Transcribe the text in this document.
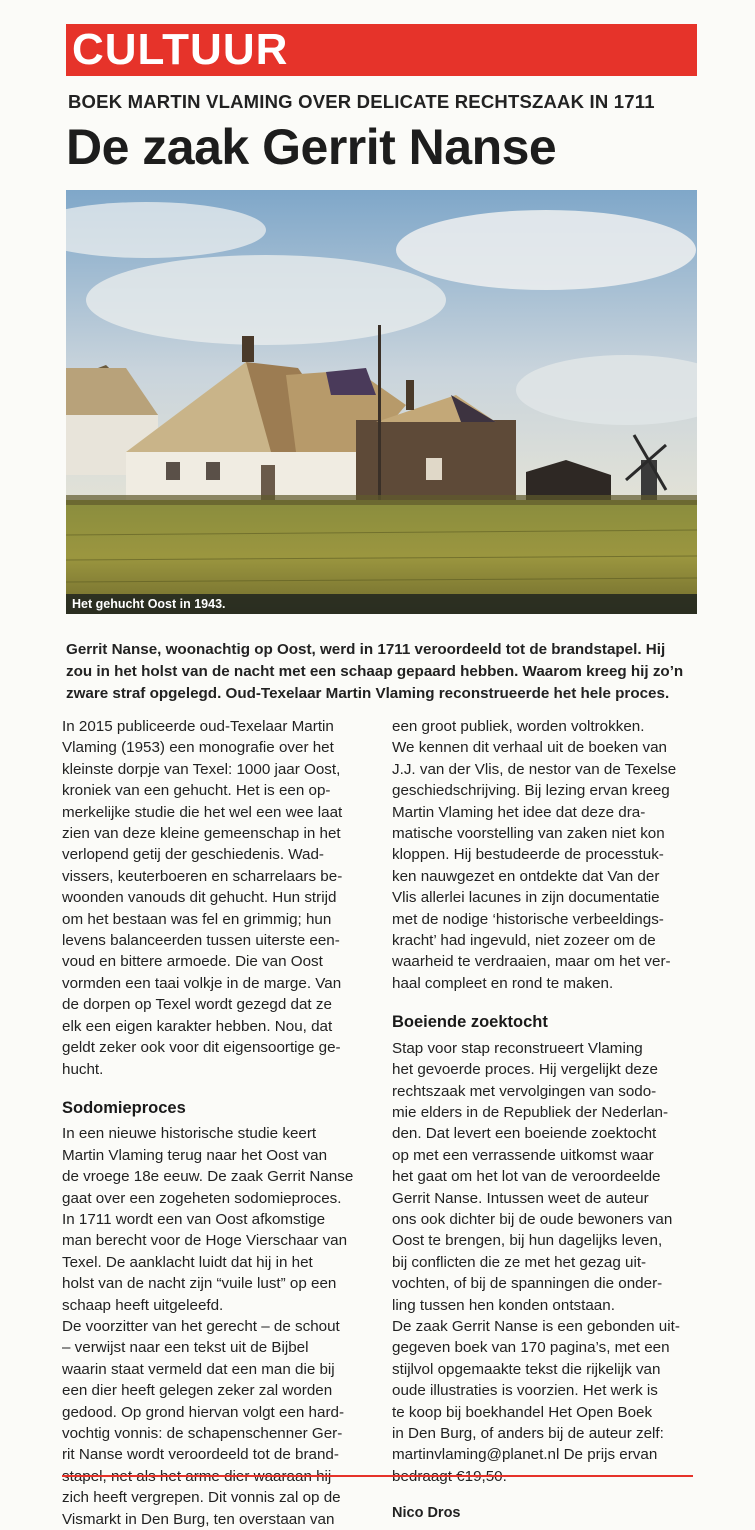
CULTUUR
BOEK MARTIN VLAMING OVER DELICATE RECHTSZAAK IN 1711
De zaak Gerrit Nanse
Het gehucht Oost in 1943.
Gerrit Nanse, woonachtig op Oost, werd in 1711 veroordeeld tot de brandstapel. Hij
zou in het holst van de nacht met een schaap gepaard hebben. Waarom kreeg hij zo’n
zware straf opgelegd. Oud-Texelaar Martin Vlaming reconstrueerde het hele proces.
In 2015 publiceerde oud-Texelaar Martin
Vlaming (1953) een monografie over het
kleinste dorpje van Texel: 1000 jaar Oost,
kroniek van een gehucht. Het is een op-
merkelijke studie die het wel een wee laat
zien van deze kleine gemeenschap in het
verlopend getij der geschiedenis. Wad-
vissers, keuterboeren en scharrelaars be-
woonden vanouds dit gehucht. Hun strijd
om het bestaan was fel en grimmig; hun
levens balanceerden tussen uiterste een-
voud en bittere armoede. Die van Oost
vormden een taai volkje in de marge. Van
de dorpen op Texel wordt gezegd dat ze
elk een eigen karakter hebben. Nou, dat
geldt zeker ook voor dit eigensoortige ge-
hucht.
Sodomieproces
In een nieuwe historische studie keert
Martin Vlaming terug naar het Oost van
de vroege 18e eeuw. De zaak Gerrit Nanse
gaat over een zogeheten sodomieproces.
In 1711 wordt een van Oost afkomstige
man berecht voor de Hoge Vierschaar van
Texel. De aanklacht luidt dat hij in het
holst van de nacht zijn “vuile lust” op een
schaap heeft uitgeleefd.
De voorzitter van het gerecht – de schout
– verwijst naar een tekst uit de Bijbel
waarin staat vermeld dat een man die bij
een dier heeft gelegen zeker zal worden
gedood. Op grond hiervan volgt een hard-
vochtig vonnis: de schapenschenner Ger-
rit Nanse wordt veroordeeld tot de brand-
zich heeft vergrepen. Dit vonnis zal op de
Vismarkt in Den Burg, ten overstaan van
een groot publiek, worden voltrokken.
We kennen dit verhaal uit de boeken van
J.J. van der Vlis, de nestor van de Texelse
geschiedschrijving. Bij lezing ervan kreeg
Martin Vlaming het idee dat deze dra-
matische voorstelling van zaken niet kon
kloppen. Hij bestudeerde de processtuk-
ken nauwgezet en ontdekte dat Van der
Vlis allerlei lacunes in zijn documentatie
met de nodige ‘historische verbeeldings-
kracht’ had ingevuld, niet zozeer om de
waarheid te verdraaien, maar om het ver-
haal compleet en rond te maken.
Boeiende zoektocht
Stap voor stap reconstrueert Vlaming
het gevoerde proces. Hij vergelijkt deze
rechtszaak met vervolgingen van sodo-
mie elders in de Republiek der Nederlan-
den. Dat levert een boeiende zoektocht
op met een verrassende uitkomst waar
het gaat om het lot van de veroordeelde
Gerrit Nanse. Intussen weet de auteur
ons ook dichter bij de oude bewoners van
Oost te brengen, bij hun dagelijks leven,
bij conflicten die ze met het gezag uit-
vochten, of bij de spanningen die onder-
ling tussen hen konden ontstaan.
De zaak Gerrit Nanse is een gebonden uit-
gegeven boek van 170 pagina’s, met een
stijlvol opgemaakte tekst die rijkelijk van
oude illustraties is voorzien. Het werk is
te koop bij boekhandel Het Open Boek
in Den Burg, of anders bij de auteur zelf:
martinvlaming@planet.nl De prijs ervan
Nico Dros
